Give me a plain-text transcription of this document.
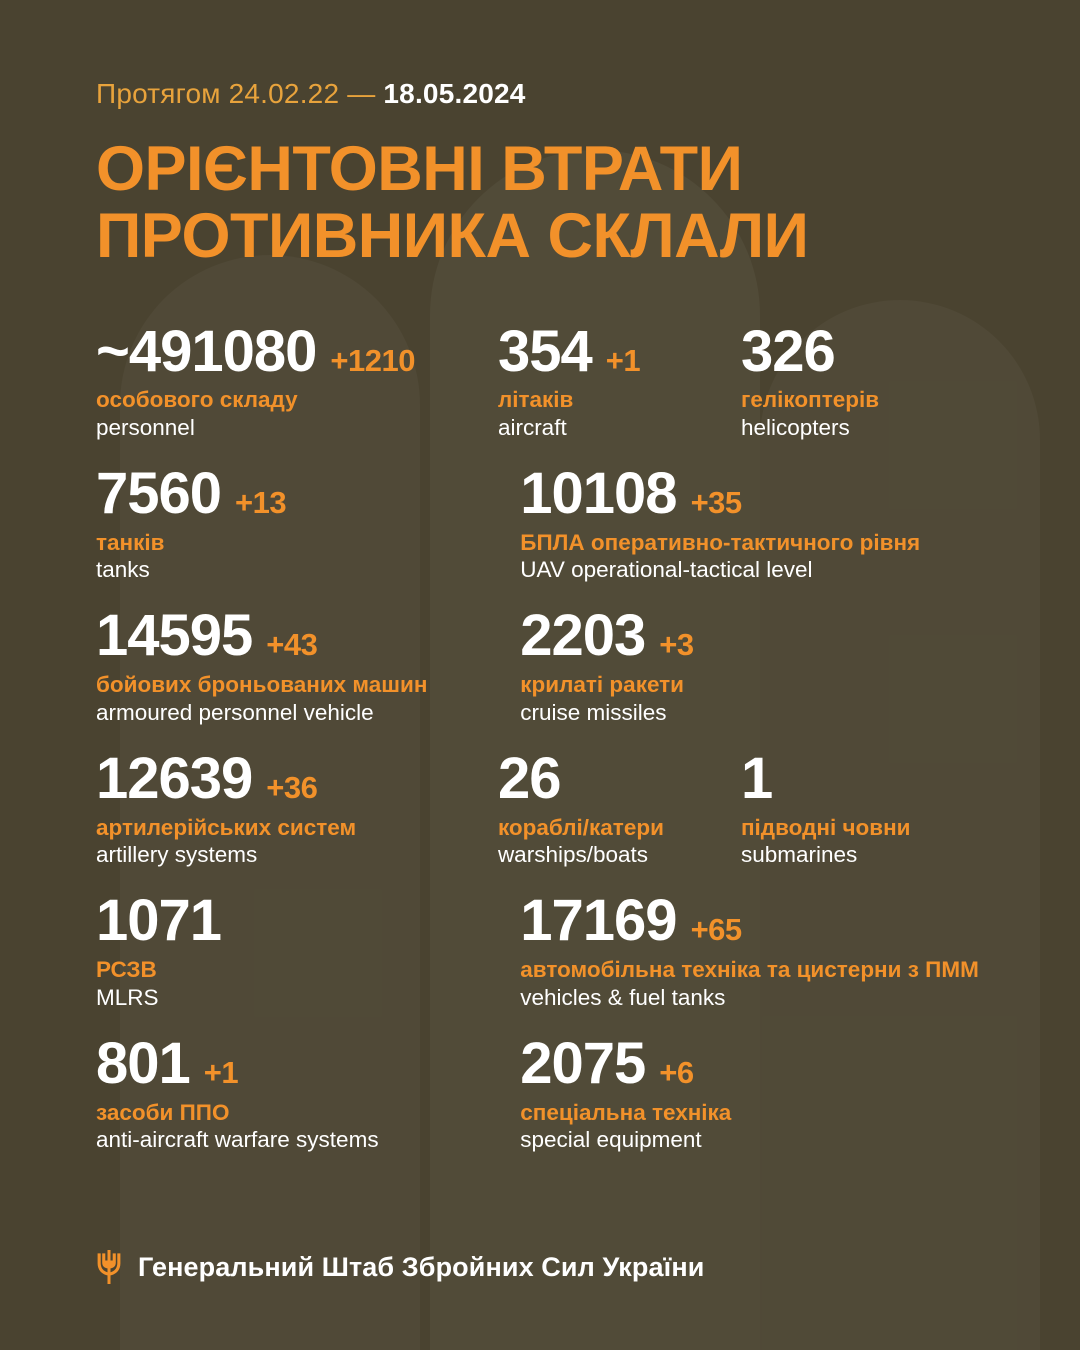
Протягом 24.02.22 — 18.05.2024
ОРІЄНТОВНІ ВТРАТИ
ПРОТИВНИКА СКЛАЛИ
~491080 +1210
особового складу
personnel
354 +1
літаків
aircraft
326
гелікоптерів
helicopters
7560 +13
танків
tanks
10108 +35
БПЛА оперативно-тактичного рівня
UAV operational-tactical level
14595 +43
бойових броньованих машин
armoured personnel vehicle
2203 +3
крилаті ракети
cruise missiles
12639 +36
артилерійських систем
artillery systems
26
кораблі/катери
warships/boats
1
підводні човни
submarines
1071
РСЗВ
MLRS
17169 +65
автомобільна техніка та цистерни з ПММ
vehicles & fuel tanks
801 +1
засоби ППО
anti-aircraft warfare systems
2075 +6
спеціальна техніка
special equipment
Генеральний Штаб Збройних Сил України
